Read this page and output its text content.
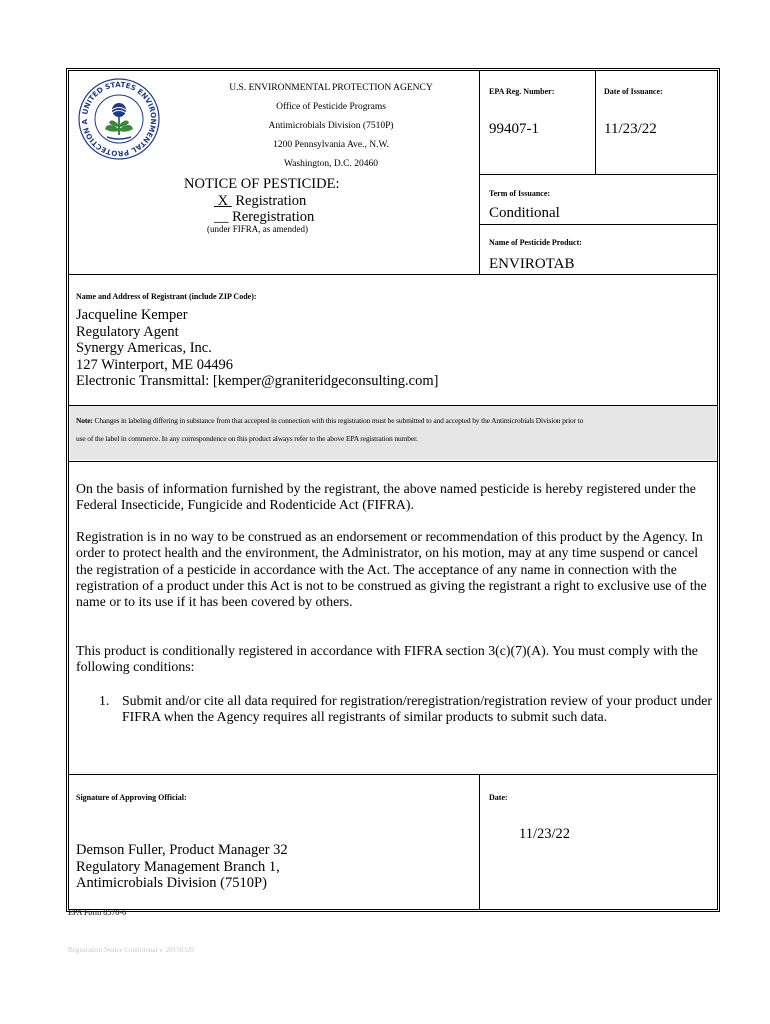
UNITED STATES ENVIRONMENTAL PROTECTION A
U.S. ENVIRONMENTAL PROTECTION AGENCY
Office of Pesticide Programs
Antimicrobials Division (7510P)
1200 Pennsylvania Ave., N.W.
Washington, D.C. 20460
NOTICE OF PESTICIDE:
X Registration
__ Reregistration
(under FIFRA, as amended)
EPA Reg. Number:	Date of Issuance:
99407-1	11/23/22
Term of Issuance:
Conditional
Name of Pesticide Product:
ENVIROTAB
Name and Address of Registrant (include ZIP Code):
Jacqueline Kemper
Regulatory Agent
Synergy Americas, Inc.
127 Winterport, ME 04496
Electronic Transmittal: [kemper@graniteridgeconsulting.com]
Note: Changes in labeling differing in substance from that accepted in connection with this registration must be submitted to and accepted by the Antimicrobials Division prior to
use of the label in commerce. In any correspondence on this product always refer to the above EPA registration number.
On the basis of information furnished by the registrant, the above named pesticide is hereby registered under the Federal Insecticide, Fungicide and Rodenticide Act (FIFRA).
Registration is in no way to be construed as an endorsement or recommendation of this product by the Agency. In order to protect health and the environment, the Administrator, on his motion, may at any time suspend or cancel the registration of a pesticide in accordance with the Act. The acceptance of any name in connection with the registration of a product under this Act is not to be construed as giving the registrant a right to exclusive use of the name or to its use if it has been covered by others.
This product is conditionally registered in accordance with FIFRA section 3(c)(7)(A). You must comply with the following conditions:
1. Submit and/or cite all data required for registration/reregistration/registration review of your product under FIFRA when the Agency requires all registrants of similar products to submit such data.
Signature of Approving Official:	Date:
11/23/22
Demson Fuller, Product Manager 32
Regulatory Management Branch 1,
Antimicrobials Division (7510P)
EPA Form 8570-6
Registration Notice Conditional v. 20150320
